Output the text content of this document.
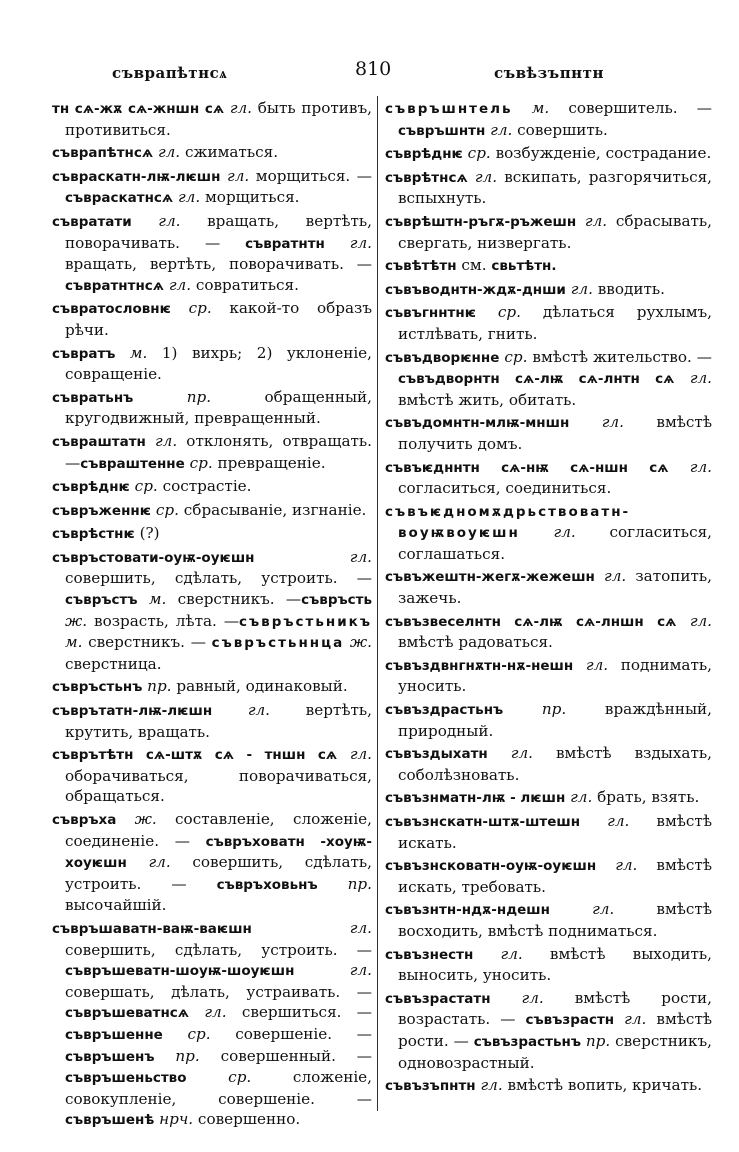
съврапѣтнсѧ	810	съвѣзъпнтн
тн сѧ-жѫ сѧ-жншн сѧ гл. быть противъ, противиться.
съврапѣтнсѧ гл. сжиматься.
съвраскатн-лѭ-лѥшн гл. морщиться. —съвраскатнсѧ гл. морщиться.
съвратати гл. вращать, вертѣть, поворачивать. — съвратнтн гл. вращать, вертѣть, поворачивать. — съвратнтнсѧ гл. совратиться.
съвратословнѥ ср. какой-то образъ рѣчи.
съвратъ м. 1) вихрь; 2) уклоненіе, совращеніе.
съвратьнъ пр. обращенный, кругодвижный, превращенный.
съвраштатн гл. отклонять, отвращать. —съвраштенне ср. превращеніе.
съврѣднѥ ср. сострастіе.
съвръженнѥ ср. сбрасываніе, изгнаніе.
съврѣстнѥ (?)
съвръстовати-оуѭ-оуѥшн гл. совершить, сдѣлать, устроить. —съвръстъ м. сверстникъ. —съвръсть ж. возрасть, лѣта. —съвръстьникъ м. сверстникъ. — съвръстьннца ж. сверстница.
съвръстьнъ пр. равный, одинаковый.
съврътатн-лѭ-лѥшн гл. вертѣть, крутить, вращать.
съврътѣтн сѧ-штѫ сѧ - тншн сѧ гл. оборачиваться, поворачиваться, обращаться.
съвръха ж. составленіе, сложеніе, соединеніе. — съвръховатн -хоуѭ-хоуѥшн гл. совершить, сдѣлать, устроить. — съвръховьнъ пр. высочайшій.
съвръшаватн-ваѭ-ваѥшн гл. совершить, сдѣлать, устроить. — съвръшеватн-шоуѭ-шоуѥшн гл. совершать, дѣлать, устраивать. —съвръшеватнсѧ гл. свершиться. —съвръшенне ср. совершеніе. —съвръшенъ пр. совершенный. —съвръшеньство ср. сложеніе, совокупленіе, совершеніе. —съвръшенѣ нрч. совершенно.
съвръшнтель м. совершитель. — съвръшнтн гл. совершить.
съврѣднѥ ср. возбужденіе, сострадание.
съврѣтнсѧ гл. вскипать, разгорячиться, вспыхнуть.
съврѣштн-ръгѫ-ръжешн гл. сбрасывать, свергать, низвергать.
съвѣтѣтн см. свьтѣтн.
съвъводнтн-ждѫ-днши гл. вводить.
съвъгннтнѥ ср. дѣлаться рухлымъ, истлѣвать, гнить.
съвъдворѥнне ср. вмѣстѣ жительство. —съвъдворнтн сѧ-лѭ сѧ-лнтн сѧ гл. вмѣстѣ жить, обитать.
съвъдомнтн-млѭ-мншн гл. вмѣстѣ получить домъ.
съвъѥдннтн сѧ-нѭ сѧ-ншн сѧ гл. согласиться, соединиться.
съвъѥдномѫдрьствоватн-воуѭвоуѥшн гл. согласиться, соглашаться.
съвъжештн-жегѫ-жежешн гл. затопить, зажечь.
съвъзвеселнтн сѧ-лѭ сѧ-лншн сѧ гл. вмѣстѣ радоваться.
съвъздвнгнѫтн-нѫ-нешн гл. поднимать, уносить.
съвъздрастьнъ пр. враждѣнный, природный.
съвъздыхатн гл. вмѣстѣ вздыхать, соболѣзновать.
съвъзнматн-лѭ - лѥшн гл. брать, взять.
съвъзнскатн-штѫ-штешн гл. вмѣстѣ искать.
съвъзнсковатн-оуѭ-оуѥшн гл. вмѣстѣ искать, требовать.
съвъзнтн-ндѫ-ндешн гл. вмѣстѣ восходить, вмѣстѣ подниматься.
съвъзнестн гл. вмѣстѣ выходить, выносить, уносить.
съвъзрастатн гл. вмѣстѣ рости, возрастать. — съвъзрастн гл. вмѣстѣ рости. — съвъзрастьнъ пр. сверстникъ, одновозрастный.
съвъзъпнтн гл. вмѣстѣ вопить, кричать.
